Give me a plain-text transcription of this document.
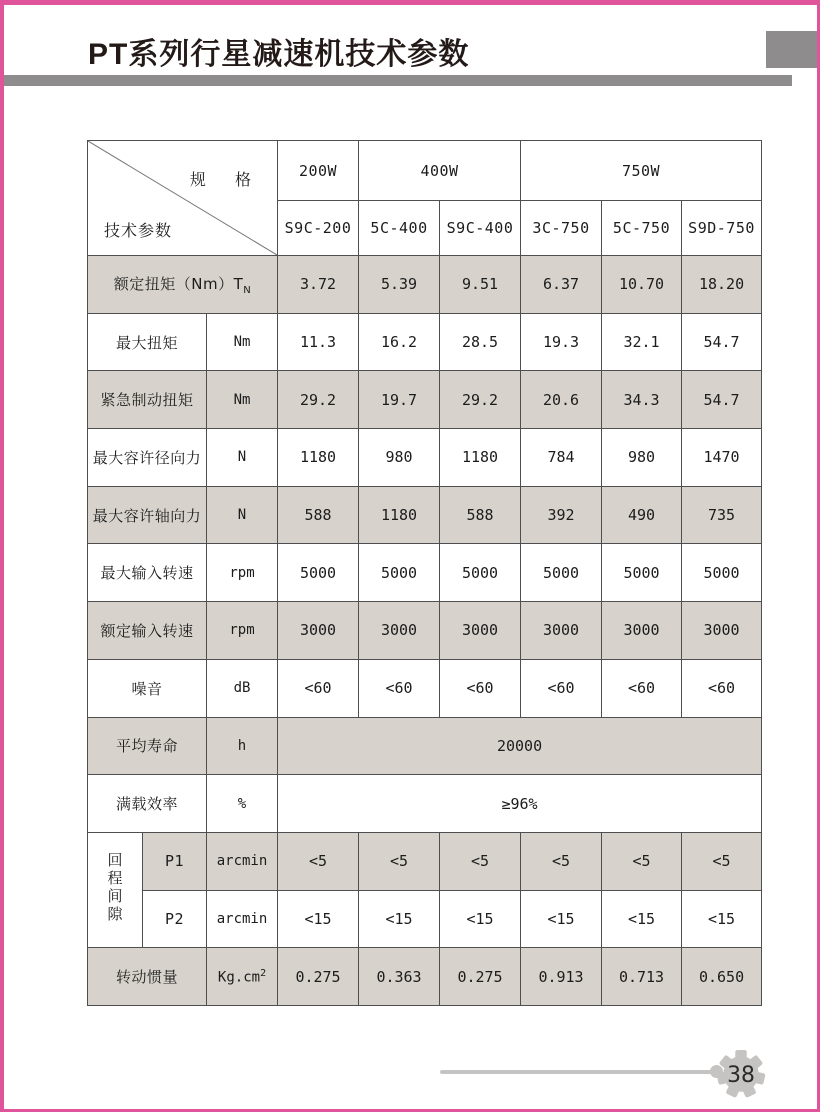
PT系列行星减速机技术参数
规 格
技术参数			200W	400W		750W		
			S9C-200	5C-400	S9C-400	3C-750	5C-750	S9D-750
额定扭矩$(Nm)T_N$			3.72	5.39	9.51	6.37	10.70	18.20
最大扭矩		Nm	11.3	16.2	28.5	19.3	32.1	54.7
紧急制动扭矩		Nm	29.2	19.7	29.2	20.6	34.3	54.7
最大容许径向力		N	1180	980	1180	784	980	1470
最大容许轴向力		N	588	1180	588	392	490	735
最大输入转速		rpm	5000	5000	5000	5000	5000	5000
额定输入转速		rpm	3000	3000	3000	3000	3000	3000
噪音		dB	<60	<60	<60	<60	<60	<60
平均寿命		h	20000					
满载效率		%	≥96%					
回程间隙	P1	arcmin	<5	<5	<5	<5	<5	<5
	P2	arcmin	<15	<15	<15	<15	<15	<15
转动惯量		$Kg.cm^2$	0.275	0.363	0.275	0.913	0.713	0.650
38
